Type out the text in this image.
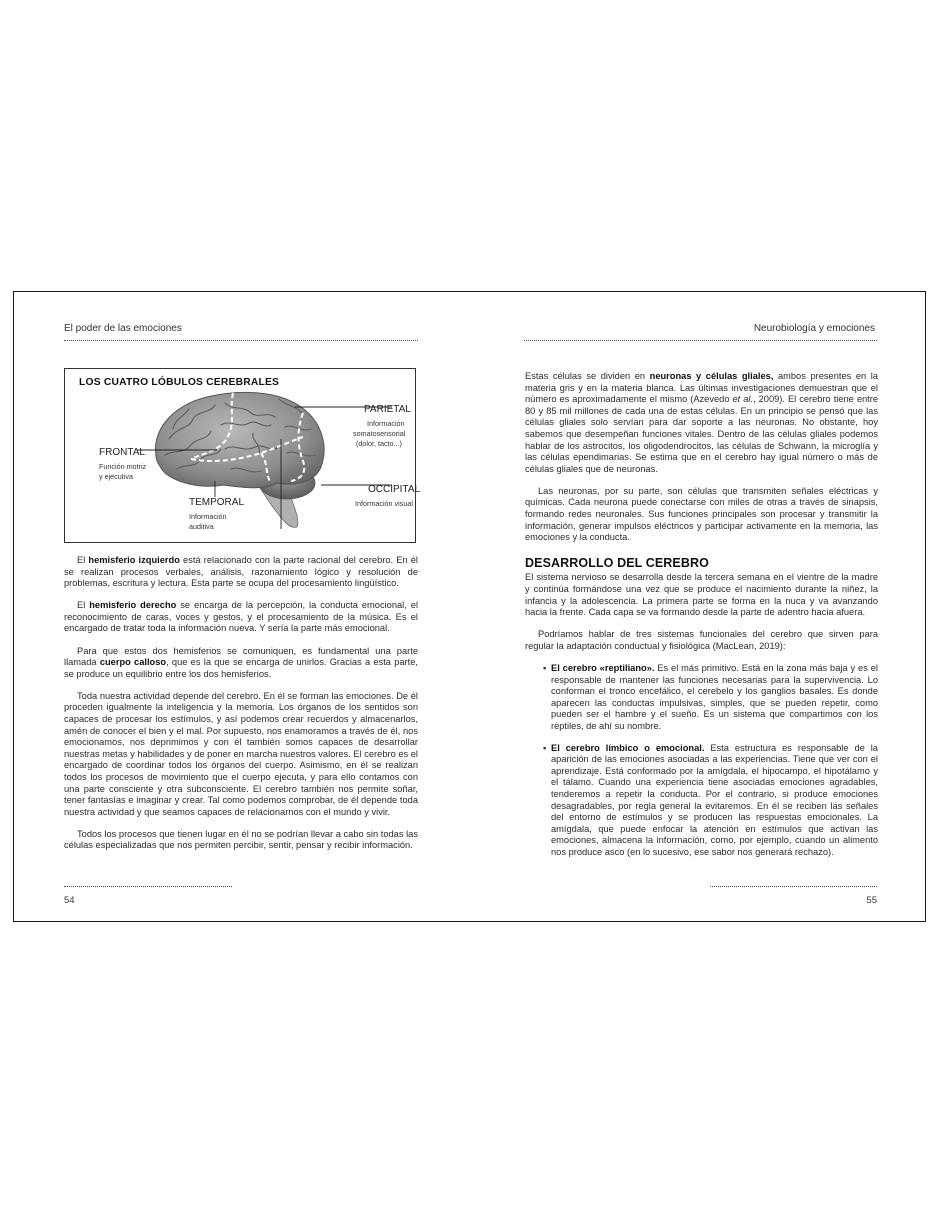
El poder de las emociones	Neurobiología y emociones
LOS CUATRO LÓBULOS CEREBRALES
FRONTAL
Función motriz
y ejecutiva
PARIETAL
Información
somatosensorial
(dolor, tacto...)
TEMPORAL
Información
auditiva
OCCIPITAL
Información visual

El hemisferio izquierdo está relacionado con la parte racional del cerebro. En él se realizan procesos verbales, análisis, razonamiento lógico y resolución de problemas, escritura y lectura. Esta parte se ocupa del procesamiento lingüístico.

El hemisferio derecho se encarga de la percepción, la conducta emocional, el reconocimiento de caras, voces y gestos, y el procesamiento de la música. Es el encargado de tratar toda la información nueva. Y sería la parte más emocional.

Para que estos dos hemisferios se comuniquen, es fundamental una parte llamada cuerpo calloso, que es la que se encarga de unirlos. Gracias a esta parte, se produce un equilibrio entre los dos hemisferios.

Toda nuestra actividad depende del cerebro. En él se forman las emociones. De él proceden igualmente la inteligencia y la memoria. Los órganos de los sentidos son capaces de procesar los estímulos, y así podemos crear recuerdos y almacenarlos, amén de conocer el bien y el mal. Por supuesto, nos enamoramos a través de él, nos emocionamos, nos deprimimos y con él también somos capaces de desarrollar nuestras metas y habilidades y de poner en marcha nuestros valores. El cerebro es el encargado de coordinar todos los órganos del cuerpo. Asimismo, en él se realizan todos los procesos de movimiento que el cuerpo ejecuta, y para ello contamos con una parte consciente y otra subconsciente. El cerebro también nos permite soñar, tener fantasías e imaginar y crear. Tal como podemos comprobar, de él depende toda nuestra actividad y que seamos capaces de relacionarnos con el mundo y vivir.

Todos los procesos que tienen lugar en él no se podrían llevar a cabo sin todas las células especializadas que nos permiten percibir, sentir, pensar y recibir información.

Estas células se dividen en neuronas y células gliales, ambos presentes en la materia gris y en la materia blanca. Las últimas investigaciones demuestran que el número es aproximadamente el mismo (Azevedo et al., 2009). El cerebro tiene entre 80 y 85 mil millones de cada una de estas células. En un principio se pensó que las células gliales solo servían para dar soporte a las neuronas. No obstante, hoy sabemos que desempeñan funciones vitales. Dentro de las células gliales podemos hablar de los astrocitos, los oligodendrocitos, las células de Schwann, la microglía y las células ependimarias. Se estima que en el cerebro hay igual número o más de células gliales que de neuronas.

Las neuronas, por su parte, son células que transmiten señales eléctricas y químicas. Cada neurona puede conectarse con miles de otras a través de sinapsis, formando redes neuronales. Sus funciones principales son procesar y transmitir la información, generar impulsos eléctricos y participar activamente en la memoria, las emociones y la conducta.

DESARROLLO DEL CEREBRO

El sistema nervioso se desarrolla desde la tercera semana en el vientre de la madre y continúa formándose una vez que se produce el nacimiento durante la niñez, la infancia y la adolescencia. La primera parte se forma en la nuca y va avanzando hacia la frente. Cada capa se va formando desde la parte de adentro hacia afuera.

Podríamos hablar de tres sistemas funcionales del cerebro que sirven para regular la adaptación conductual y fisiológica (MacLean, 2019):

• El cerebro «reptiliano». Es el más primitivo. Está en la zona más baja y es el responsable de mantener las funciones necesarias para la supervivencia. Lo conforman el tronco encefálico, el cerebelo y los ganglios basales. Es donde aparecen las conductas impulsivas, simples, que se pueden repetir, como pueden ser el hambre y el sueño. Es un sistema que compartimos con los reptiles, de ahí su nombre.
• El cerebro límbico o emocional. Esta estructura es responsable de la aparición de las emociones asociadas a las experiencias. Tiene que ver con el aprendizaje. Está conformado por la amígdala, el hipocampo, el hipotálamo y el tálamo. Cuando una experiencia tiene asociadas emociones agradables, tenderemos a repetir la conducta. Por el contrario, si produce emociones desagradables, por regla general la evitaremos. En él se reciben las señales del entorno de estímulos y se producen las respuestas emocionales. La amígdala, que puede enfocar la atención en estímulos que activan las emociones, almacena la información, como, por ejemplo, cuando un alimento nos produce asco (en lo sucesivo, ese sabor nos generará rechazo).
54	55
